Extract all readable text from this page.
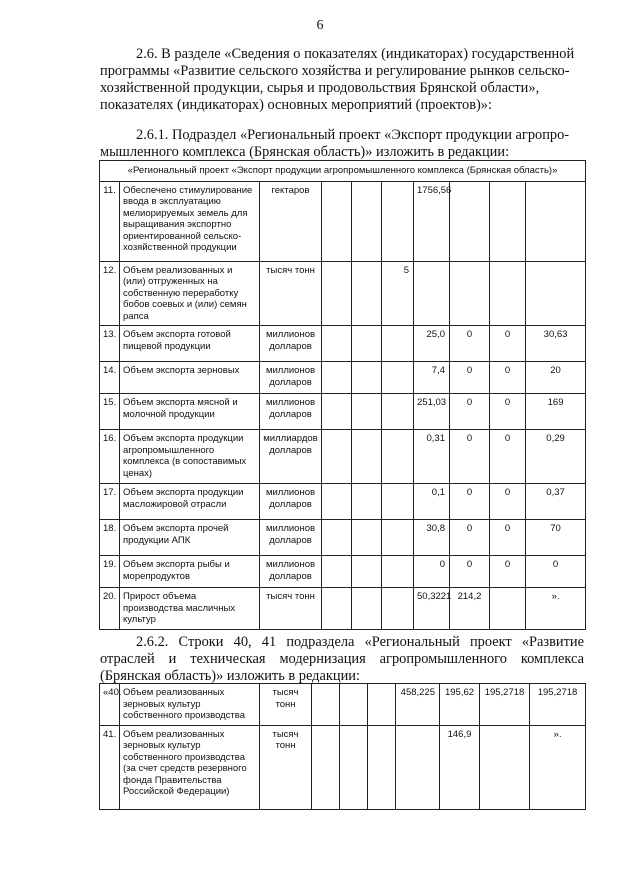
6
2.6. В разделе «Сведения о показателях (индикаторах) государственной
программы «Развитие сельского хозяйства и регулирование рынков сельско-
хозяйственной продукции, сырья и продовольствия Брянской области»,
показателях (индикаторах) основных мероприятий (проектов)»:
2.6.1. Подраздел «Региональный проект «Экспорт продукции агропро-
мышленного комплекса (Брянская область)» изложить в редакции:
«Региональный проект «Экспорт продукции агропромышленного комплекса (Брянская область)»									
11.	Обеспечено стимулирование ввода в эксплуатацию мелиорируемых земель для выращивания экспортно ориентированной сельско-хозяйственной продукции	гектаров				1756,56			
12.	Объем реализованных и (или) отгруженных на собственную переработку бобов соевых и (или) семян рапса	тысяч тонн			5				
13.	Объем экспорта готовой пищевой продукции	миллионов долларов				25,0	0	0	30,63
14.	Объем экспорта зерновых	миллионов долларов				7,4	0	0	20
15.	Объем экспорта мясной и молочной продукции	миллионов долларов				251,03	0	0	169
16.	Объем экспорта продукции агропромышленного комплекса (в сопоставимых ценах)	миллиардов долларов				0,31	0	0	0,29
17.	Объем экспорта продукции масложировой отрасли	миллионов долларов				0,1	0	0	0,37
18.	Объем экспорта прочей продукции АПК	миллионов долларов				30,8	0	0	70
19.	Объем экспорта рыбы и морепродуктов	миллионов долларов				0	0	0	0
20.	Прирост объема производства масличных культур	тысяч тонн				50,3221	214,2		».
2.6.2. Строки 40, 41 подраздела «Региональный проект «Развитие
отраслей и техническая модернизация агропромышленного комплекса
(Брянская область)» изложить в редакции:
«40.	Объем реализованных зерновых культур собственного производства	тысяч тонн				458,225	195,62	195,2718	195,2718
41.	Объем реализованных зерновых культур собственного производства (за счет средств резервного фонда Правительства Российской Федерации)	тысяч тонн					146,9		».
